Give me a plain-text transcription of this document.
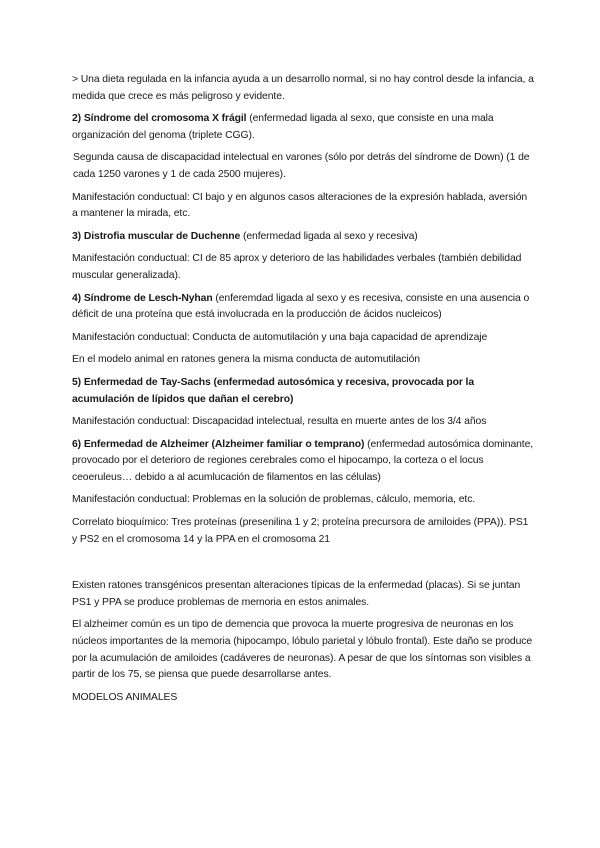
> Una dieta regulada en la infancia ayuda a un desarrollo normal, si no hay control desde la infancia, a medida que crece es más peligroso y evidente.

2) Síndrome del cromosoma X frágil (enfermedad ligada al sexo, que consiste en una mala organización del genoma (triplete CGG).

Segunda causa de discapacidad intelectual en varones (sólo por detrás del síndrome de Down) (1 de cada 1250 varones y 1 de cada 2500 mujeres).

Manifestación conductual: CI bajo y en algunos casos alteraciones de la expresión hablada, aversión a mantener la mirada, etc.

3) Distrofia muscular de Duchenne (enfermedad ligada al sexo y recesiva)

Manifestación conductual: CI de 85 aprox y deterioro de las habilidades verbales (también debilidad muscular generalizada).

4) Síndrome de Lesch-Nyhan (enferemdad ligada al sexo y es recesiva, consiste en una ausencia o déficit de una proteína que está involucrada en la producción de ácidos nucleicos)

Manifestación conductual: Conducta de automutilación y una baja capacidad de aprendizaje

En el modelo animal en ratones genera la misma conducta de automutilación

5) Enfermedad de Tay-Sachs (enfermedad autosómica y recesiva, provocada por la acumulación de lípidos que dañan el cerebro)

Manifestación conductual: Discapacidad intelectual, resulta en muerte antes de los 3/4 años

6) Enfermedad de Alzheimer (Alzheimer familiar o temprano) (enfermedad autosómica dominante, provocado por el deterioro de regiones cerebrales como el hipocampo, la corteza o el locus ceoeruleus… debido a al acumlucación de filamentos en las células)

Manifestación conductual: Problemas en la solución de problemas, cálculo, memoria, etc.

Correlato bioquímico: Tres proteínas (presenilina 1 y 2; proteína precursora de amiloides (PPA)). PS1 y PS2 en el cromosoma 14 y la PPA en el cromosoma 21

Existen ratones transgénicos presentan alteraciones típicas de la enfermedad (placas). Si se juntan PS1 y PPA se produce problemas de memoria en estos animales.

El alzheimer común es un tipo de demencia que provoca la muerte progresiva de neuronas en los núcleos importantes de la memoria (hipocampo, lóbulo parietal y lóbulo frontal). Este daño se produce por la acumulación de amiloides (cadáveres de neuronas). A pesar de que los síntomas son visibles a partir de los 75, se piensa que puede desarrollarse antes.

MODELOS ANIMALES
